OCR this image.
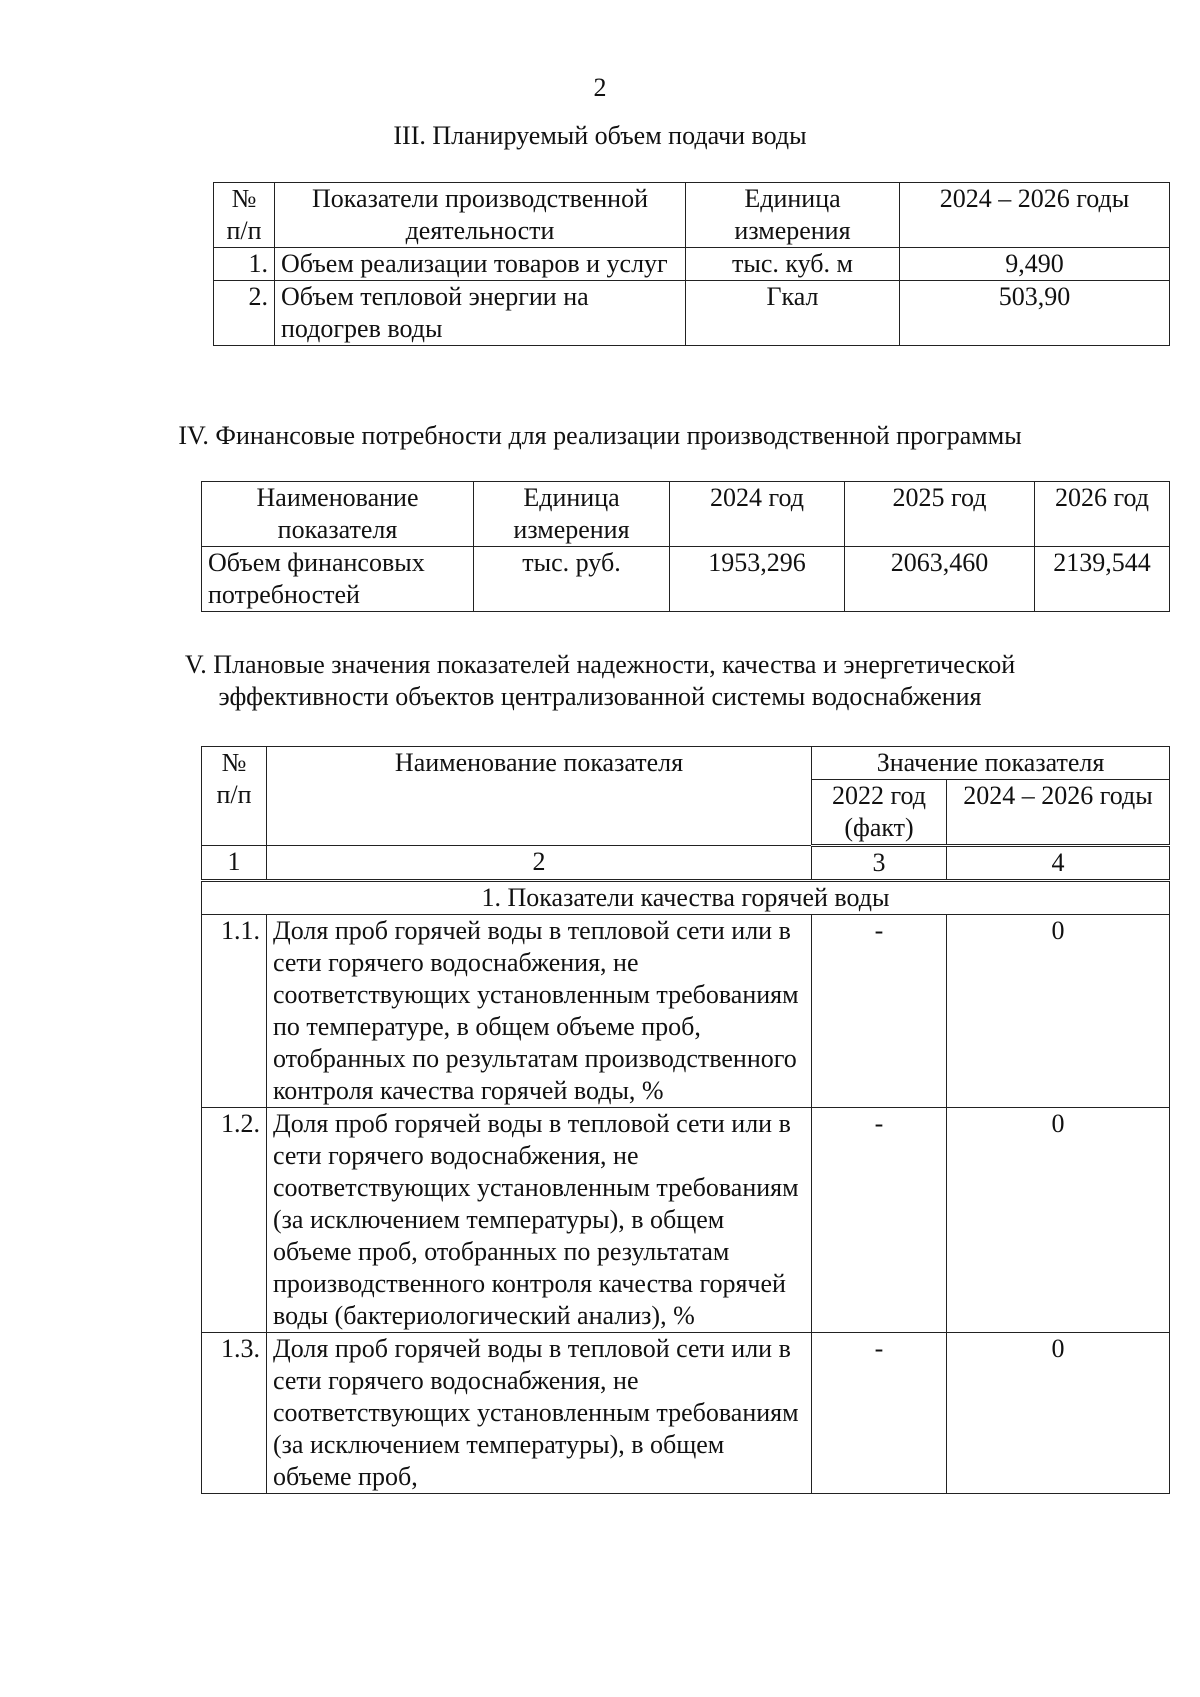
2
III. Планируемый объем подачи воды
№ п/п	Показатели производственной деятельности	Единица измерения	2024 – 2026 годы
1.	Объем реализации товаров и услуг	тыс. куб. м	9,490
2.	Объем тепловой энергии на подогрев воды	Гкал	503,90
IV. Финансовые потребности для реализации производственной программы
Наименование показателя	Единица измерения	2024 год	2025 год	2026 год
Объем финансовых потребностей	тыс. руб.	1953,296	2063,460	2139,544
V. Плановые значения показателей надежности, качества и энергетической
эффективности объектов централизованной системы водоснабжения
№ п/п	Наименование показателя	Значение показателя	
		2022 год (факт)	2024 – 2026 годы
1	2	3	4
1. Показатели качества горячей воды			
1.1.	Доля проб горячей воды в тепловой сети или в сети горячего водоснабжения, не соответствующих установленным требованиям по температуре, в общем объеме проб, отобранных по результатам производственного контроля качества горячей воды, %	-	0
1.2.	Доля проб горячей воды в тепловой сети или в сети горячего водоснабжения, не соответствующих установленным требованиям (за исключением температуры), в общем объеме проб, отобранных по результатам производственного контроля качества горячей воды (бактериологический анализ), %	-	0
1.3.	Доля проб горячей воды в тепловой сети или в сети горячего водоснабжения, не соответствующих установленным требованиям (за исключением температуры), в общем объеме проб,	-	0
